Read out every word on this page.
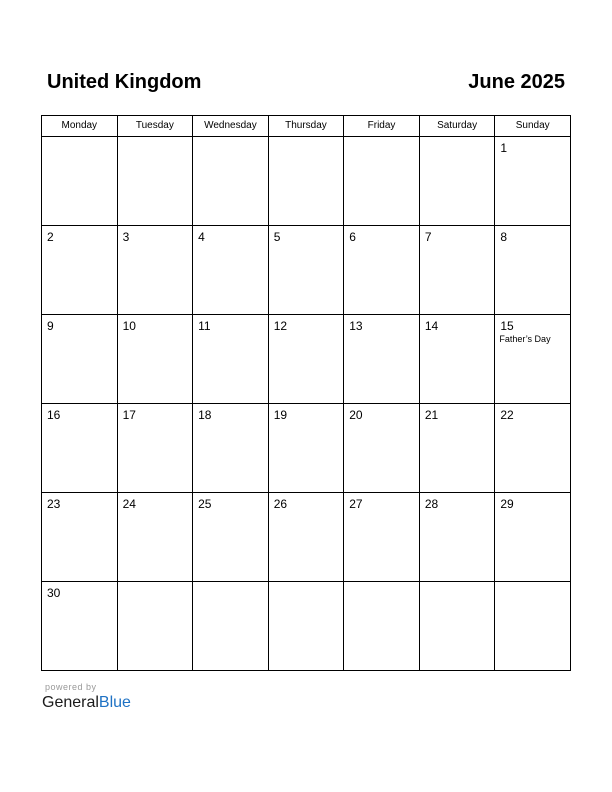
United Kingdom	June 2025
Monday	Tuesday	Wednesday	Thursday	Friday	Saturday	Sunday

						1

2	3	4	5	6	7	8

9	10	11	12	13	14	15
Father’s Day

16	17	18	19	20	21	22

23	24	25	26	27	28	29

30						

powered by
GeneralBlue
